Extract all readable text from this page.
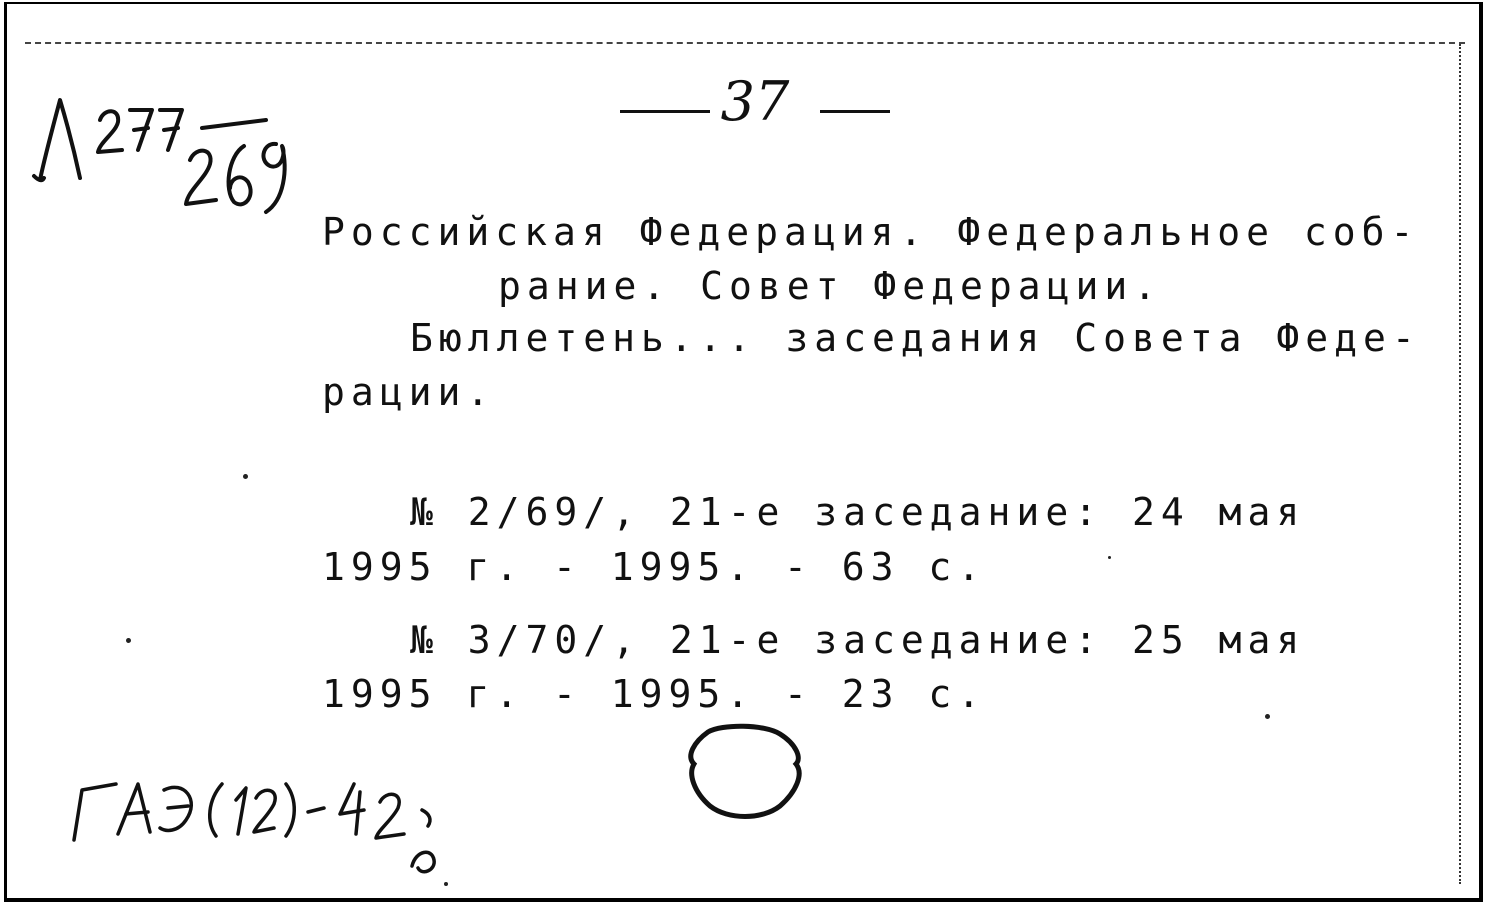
37
Российская Федерация. Федеральное соб-
рание. Совет Федерации.
Бюллетень... заседания Совета Феде-
рации.
№ 2/69/, 21-е заседание: 24 мая
1995 г. - 1995. - 63 с.
№ 3/70/, 21-е заседание: 25 мая
1995 г. - 1995. - 23 с.
